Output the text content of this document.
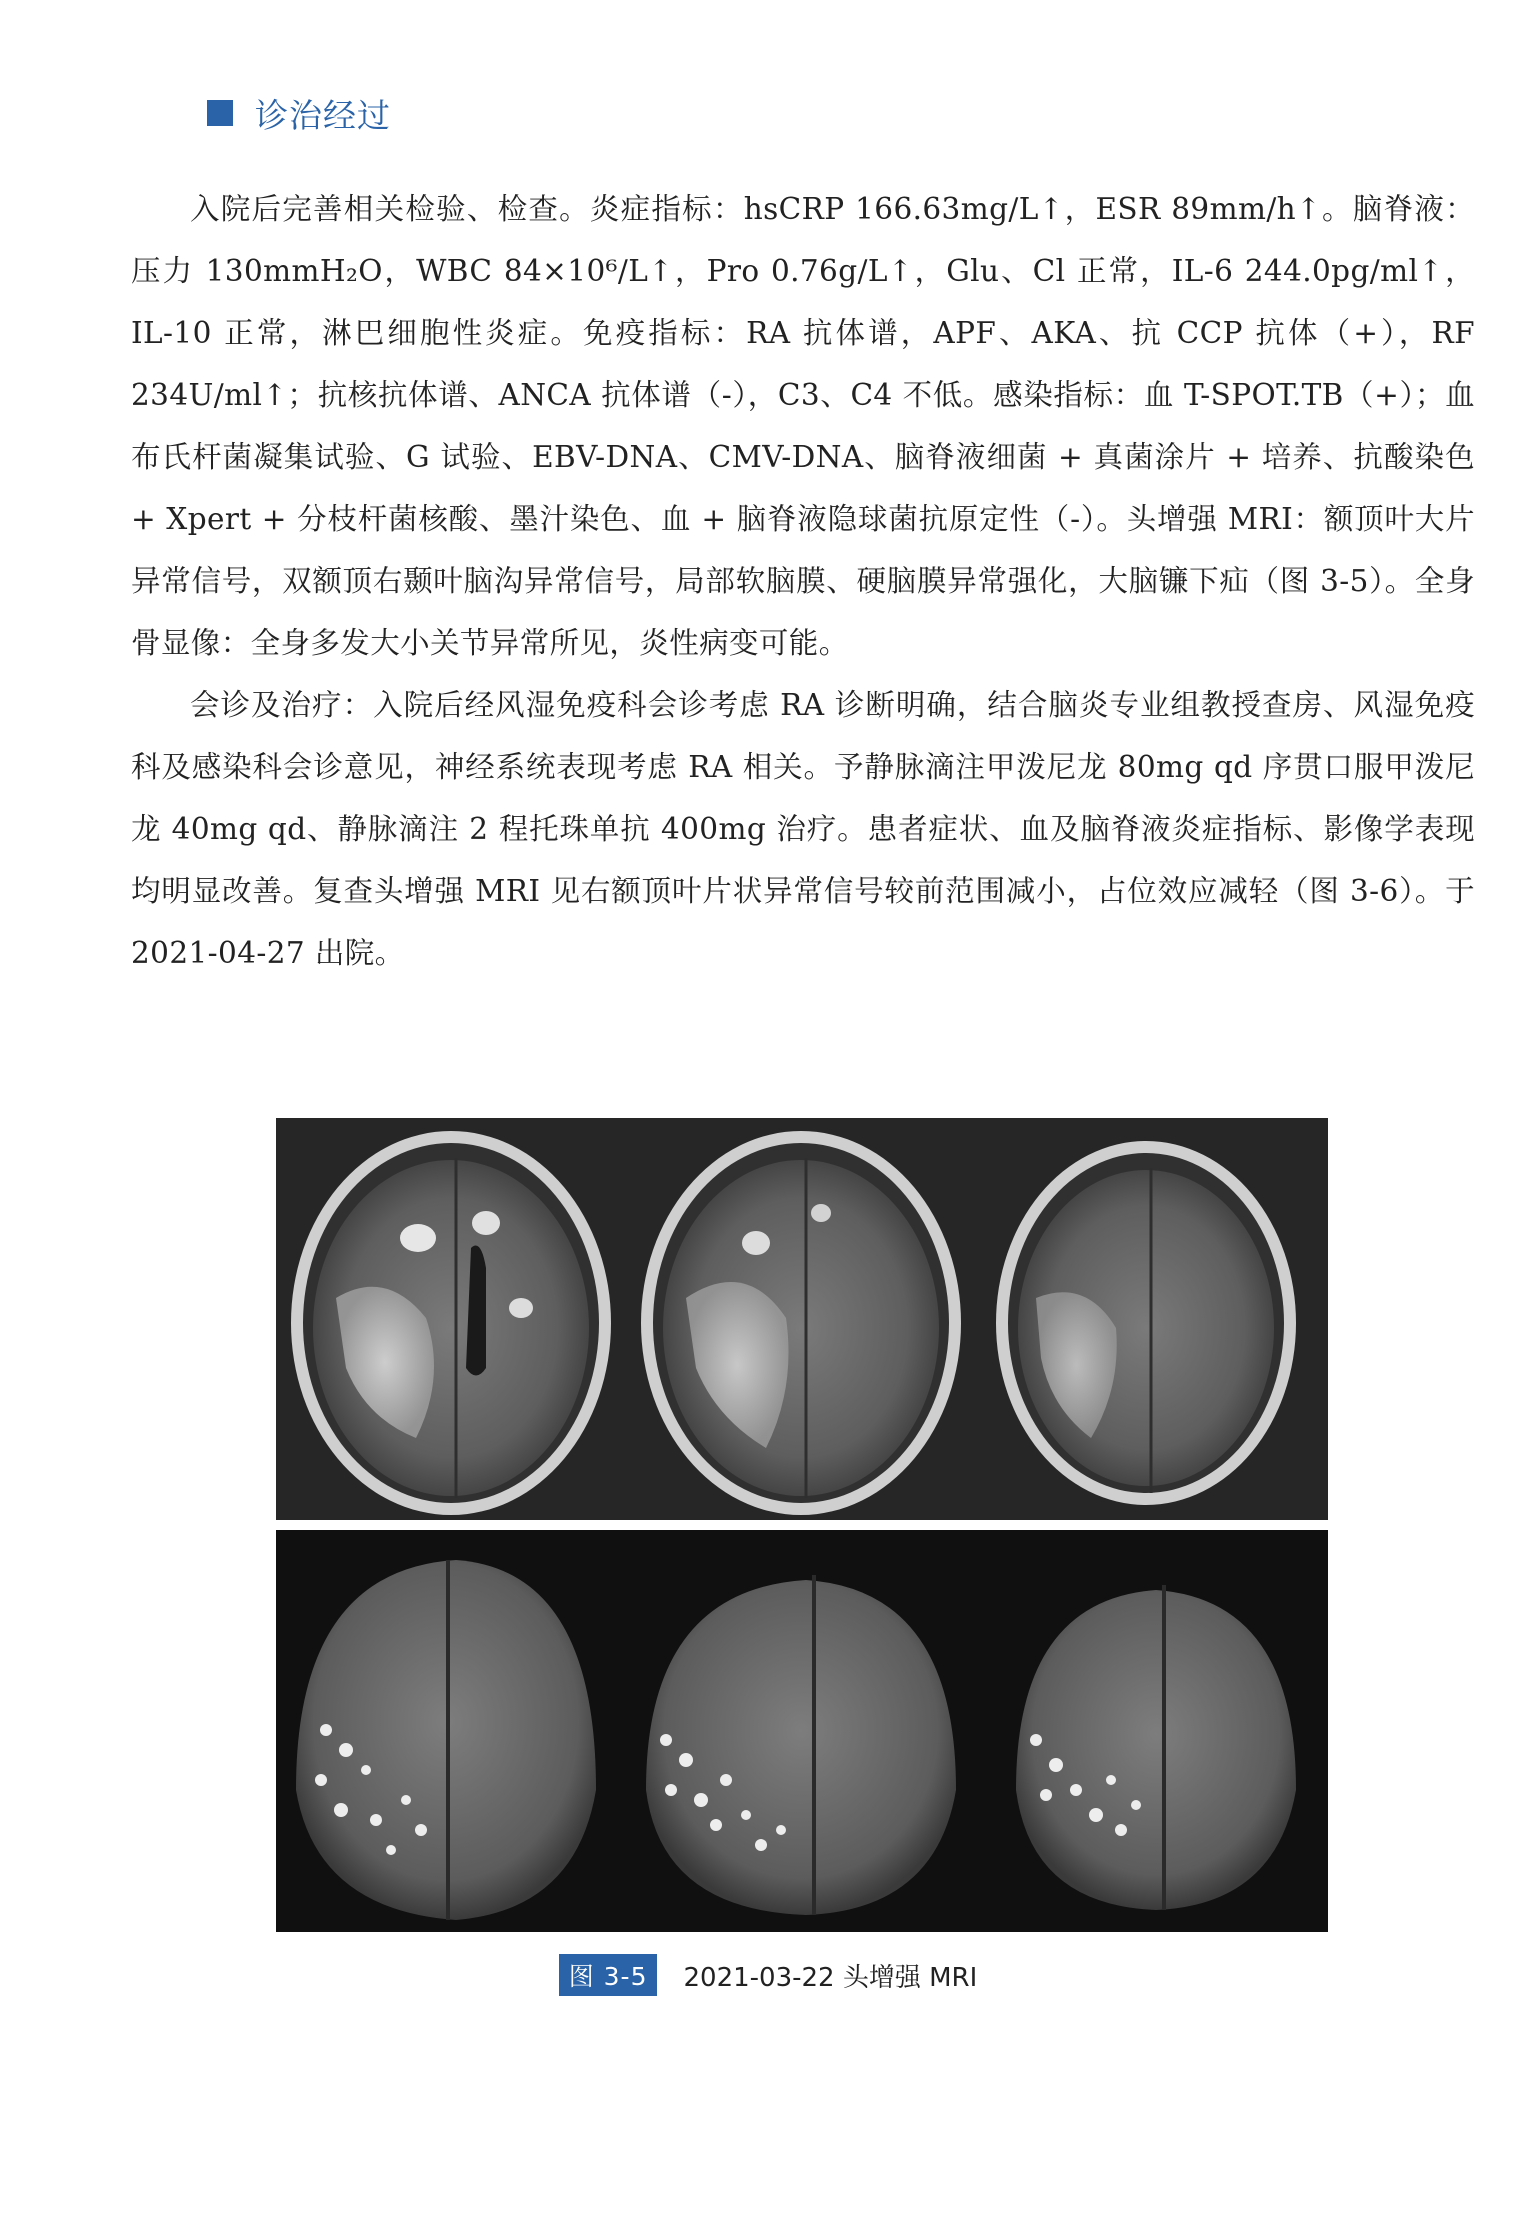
诊治经过

入院后完善相关检验、检查。炎症指标：hsCRP 166.63mg/L↑，ESR 89mm/h↑。脑脊液：压力 130mmH₂O，WBC 84×10⁶/L↑，Pro 0.76g/L↑，Glu、Cl 正常，IL-6 244.0pg/ml↑，IL-10 正常，淋巴细胞性炎症。免疫指标：RA 抗体谱，APF、AKA、抗 CCP 抗体（+），RF 234U/ml↑；抗核抗体谱、ANCA 抗体谱（-），C3、C4 不低。感染指标：血 T-SPOT.TB（+）；血布氏杆菌凝集试验、G 试验、EBV-DNA、CMV-DNA、脑脊液细菌 + 真菌涂片 + 培养、抗酸染色 + Xpert + 分枝杆菌核酸、墨汁染色、血 + 脑脊液隐球菌抗原定性（-）。头增强 MRI：额顶叶大片异常信号，双额顶右颞叶脑沟异常信号，局部软脑膜、硬脑膜异常强化，大脑镰下疝（图 3-5）。全身骨显像：全身多发大小关节异常所见，炎性病变可能。

会诊及治疗：入院后经风湿免疫科会诊考虑 RA 诊断明确，结合脑炎专业组教授查房、风湿免疫科及感染科会诊意见，神经系统表现考虑 RA 相关。予静脉滴注甲泼尼龙 80mg qd 序贯口服甲泼尼龙 40mg qd、静脉滴注 2 程托珠单抗 400mg 治疗。患者症状、血及脑脊液炎症指标、影像学表现均明显改善。复查头增强 MRI 见右额顶叶片状异常信号较前范围减小，占位效应减轻（图 3-6）。于 2021-04-27 出院。

图 3-5	2021-03-22 头增强 MRI
